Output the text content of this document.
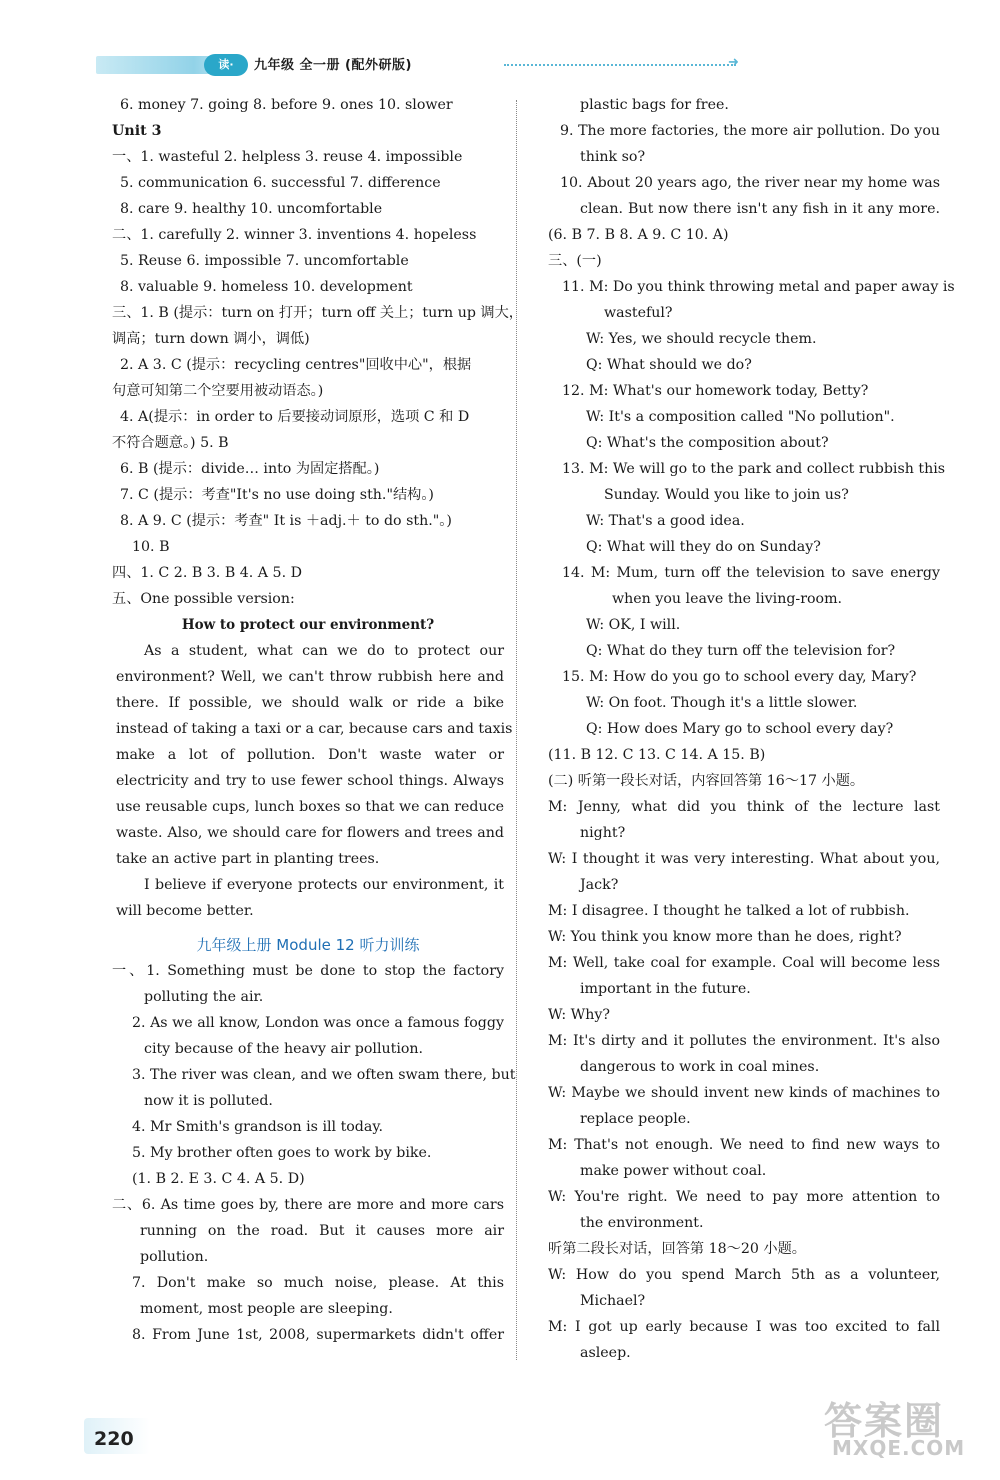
读·	九年级 全一册 (配外研版)	➜
6. money 7. going 8. before 9. ones 10. slower
Unit 3
一、1. wasteful 2. helpless 3. reuse 4. impossible
5. communication 6. successful 7. difference
8. care 9. healthy 10. uncomfortable
二、1. carefully 2. winner 3. inventions 4. hopeless
5. Reuse 6. impossible 7. uncomfortable
8. valuable 9. homeless 10. development
三、1. B (提示：turn on 打开；turn off 关上；turn up 调大，
调高；turn down 调小，调低)
2. A 3. C (提示：recycling centres"回收中心"，根据
句意可知第二个空要用被动语态。)
4. A(提示：in order to 后要接动词原形，选项 C 和 D
不符合题意。) 5. B
6. B (提示：divide… into 为固定搭配。)
7. C (提示：考查"It's no use doing sth."结构。)
8. A 9. C (提示：考查" It is ＋adj.＋ to do sth."。)
10. B
四、1. C 2. B 3. B 4. A 5. D
五、One possible version:
How to protect our environment?
As a student, what can we do to protect our
environment? Well, we can't throw rubbish here and
there. If possible, we should walk or ride a bike
instead of taking a taxi or a car, because cars and taxis
make a lot of pollution. Don't waste water or
electricity and try to use fewer school things. Always
use reusable cups, lunch boxes so that we can reduce
waste. Also, we should care for flowers and trees and
take an active part in planting trees.
I believe if everyone protects our environment, it
will become better.
九年级上册 Module 12 听力训练
一、1. Something must be done to stop the factory
polluting the air.
2. As we all know, London was once a famous foggy
city because of the heavy air pollution.
3. The river was clean, and we often swam there, but
now it is polluted.
4. Mr Smith's grandson is ill today.
5. My brother often goes to work by bike.
(1. B 2. E 3. C 4. A 5. D)
二、6. As time goes by, there are more and more cars
running on the road. But it causes more air
pollution.
7. Don't make so much noise, please. At this
moment, most people are sleeping.
8. From June 1st, 2008, supermarkets didn't offer
plastic bags for free.
9. The more factories, the more air pollution. Do you
think so?
10. About 20 years ago, the river near my home was
clean. But now there isn't any fish in it any more.
(6. B 7. B 8. A 9. C 10. A)
三、(一)
11. M: Do you think throwing metal and paper away is
wasteful?
W: Yes, we should recycle them.
Q: What should we do?
12. M: What's our homework today, Betty?
W: It's a composition called "No pollution".
Q: What's the composition about?
13. M: We will go to the park and collect rubbish this
Sunday. Would you like to join us?
W: That's a good idea.
Q: What will they do on Sunday?
14. M: Mum, turn off the television to save energy
when you leave the living-room.
W: OK, I will.
Q: What do they turn off the television for?
15. M: How do you go to school every day, Mary?
W: On foot. Though it's a little slower.
Q: How does Mary go to school every day?
(11. B 12. C 13. C 14. A 15. B)
(二) 听第一段长对话，内容回答第 16～17 小题。
M: Jenny, what did you think of the lecture last
night?
W: I thought it was very interesting. What about you,
Jack?
M: I disagree. I thought he talked a lot of rubbish.
W: You think you know more than he does, right?
M: Well, take coal for example. Coal will become less
important in the future.
W: Why?
M: It's dirty and it pollutes the environment. It's also
dangerous to work in coal mines.
W: Maybe we should invent new kinds of machines to
replace people.
M: That's not enough. We need to find new ways to
make power without coal.
W: You're right. We need to pay more attention to
the environment.
听第二段长对话，回答第 18～20 小题。
W: How do you spend March 5th as a volunteer,
Michael?
M: I got up early because I was too excited to fall
asleep.
220	答案圈
MXQE.COM
